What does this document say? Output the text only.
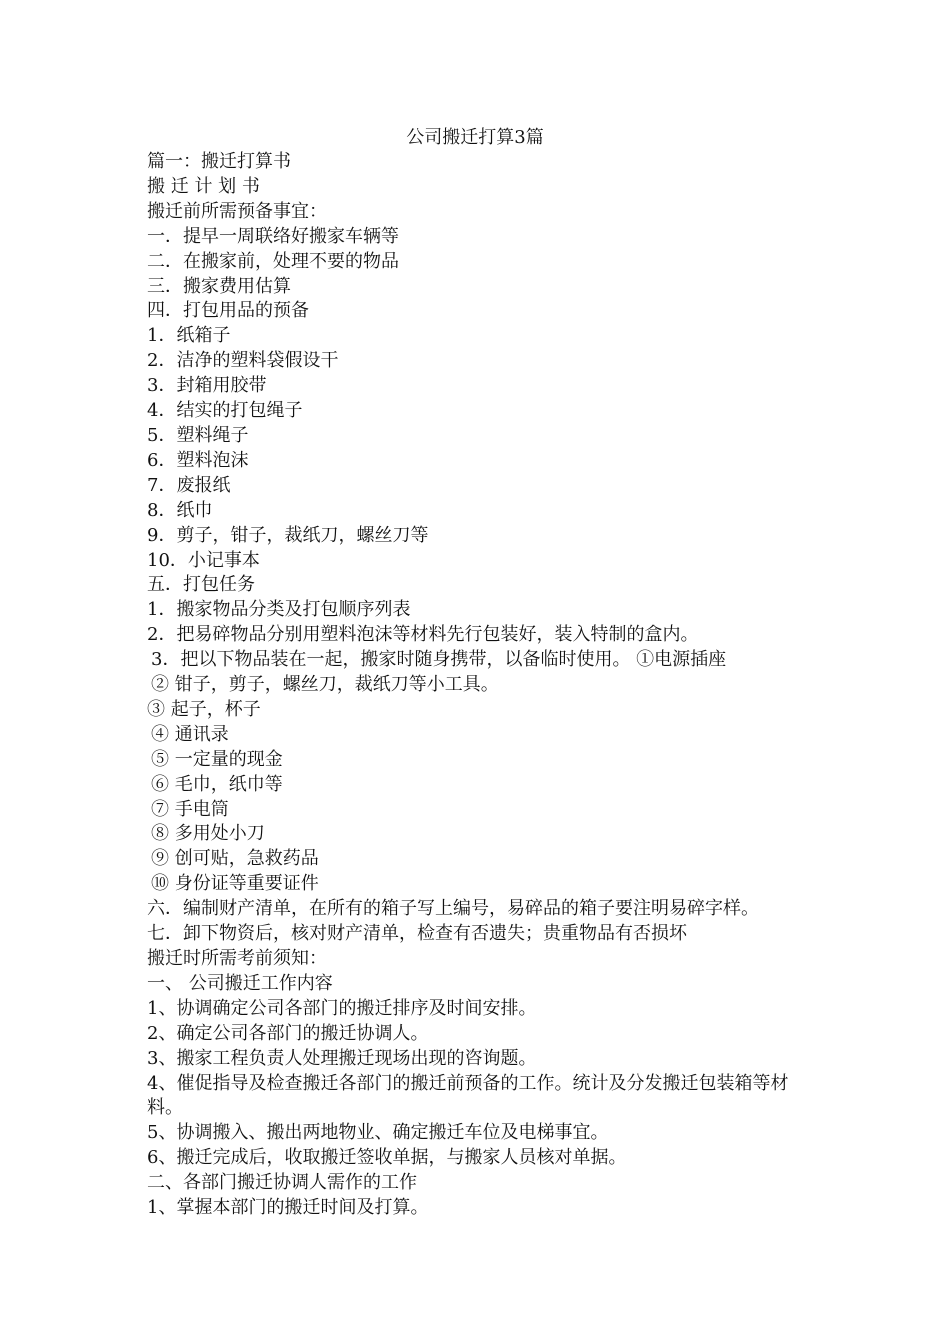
公司搬迁打算3篇
篇一：搬迁打算书
搬 迁 计 划 书
搬迁前所需预备事宜：
一．提早一周联络好搬家车辆等
二．在搬家前，处理不要的物品
三．搬家费用估算
四．打包用品的预备
1．纸箱子
2．洁净的塑料袋假设干
3．封箱用胶带
4．结实的打包绳子
5．塑料绳子
6．塑料泡沫
7．废报纸
8．纸巾
9．剪子，钳子，裁纸刀，螺丝刀等
10．小记事本
五．打包任务
1．搬家物品分类及打包顺序列表
2．把易碎物品分别用塑料泡沫等材料先行包装好，装入特制的盒内。
3．把以下物品装在一起，搬家时随身携带，以备临时使用。 ①电源插座
② 钳子，剪子，螺丝刀，裁纸刀等小工具。
③ 起子，杯子
④ 通讯录
⑤ 一定量的现金
⑥ 毛巾，纸巾等
⑦ 手电筒
⑧ 多用处小刀
⑨ 创可贴，急救药品
⑩ 身份证等重要证件
六．编制财产清单，在所有的箱子写上编号，易碎品的箱子要注明易碎字样。
七．卸下物资后，核对财产清单，检查有否遗失；贵重物品有否损坏
搬迁时所需考前须知：
一、 公司搬迁工作内容
1、协调确定公司各部门的搬迁排序及时间安排。
2、确定公司各部门的搬迁协调人。
3、搬家工程负责人处理搬迁现场出现的咨询题。
4、催促指导及检查搬迁各部门的搬迁前预备的工作。统计及分发搬迁包装箱等材料。
5、协调搬入、搬出两地物业、确定搬迁车位及电梯事宜。
6、搬迁完成后，收取搬迁签收单据，与搬家人员核对单据。
二、各部门搬迁协调人需作的工作
1、掌握本部门的搬迁时间及打算。
